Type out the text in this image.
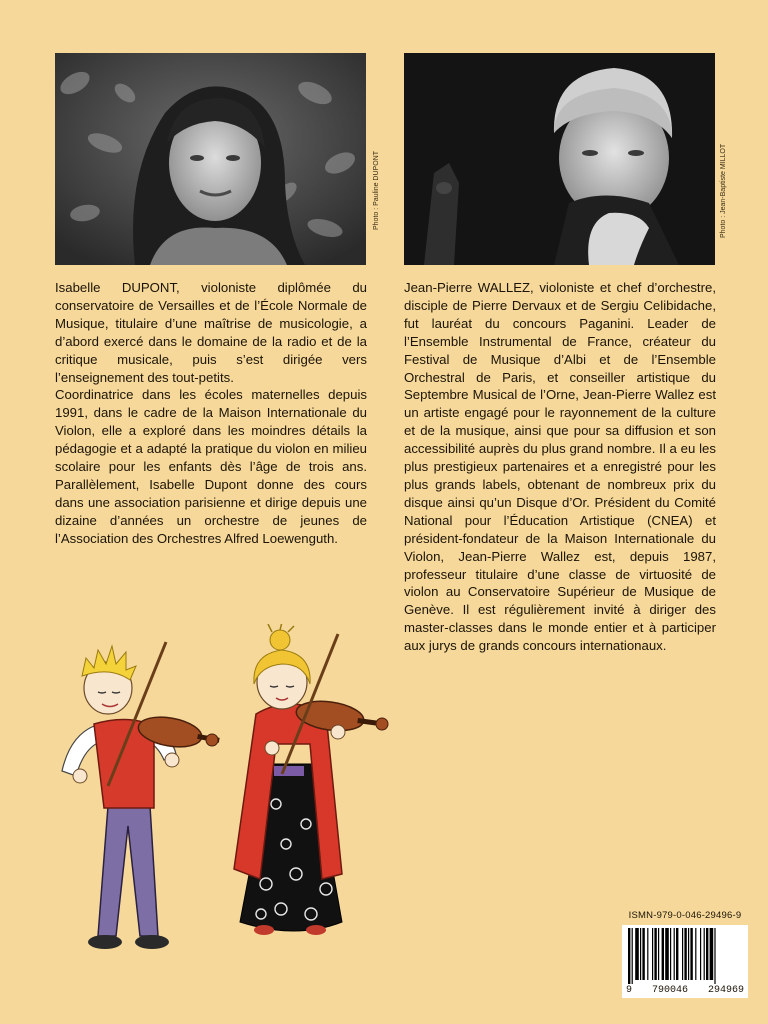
Photo : Pauline DUPONT	Photo : Jean-Baptiste MILLOT

Isabelle DUPONT, violoniste diplômée du conservatoire de Versailles et de l’École Normale de Musique, titulaire d’une maîtrise de musicologie, a d’abord exercé dans le domaine de la radio et de la critique musicale, puis s’est dirigée vers l’enseignement des tout-petits.

Coordinatrice dans les écoles maternelles depuis 1991, dans le cadre de la Maison Internationale du Violon, elle a exploré dans les moindres détails la pédagogie et a adapté la pratique du violon en milieu scolaire pour les enfants dès l’âge de trois ans. Parallèlement, Isabelle Dupont donne des cours dans une association parisienne et dirige depuis une dizaine d’années un orchestre de jeunes de l’Association des Orchestres Alfred Loewenguth.

Jean-Pierre WALLEZ, violoniste et chef d’orchestre, disciple de Pierre Dervaux et de Sergiu Celibidache, fut lauréat du concours Paganini. Leader de l’Ensemble Instrumental de France, créateur du Festival de Musique d’Albi et de l’Ensemble Orchestral de Paris, et conseiller artistique du Septembre Musical de l’Orne, Jean-Pierre Wallez est un artiste engagé pour le rayonnement de la culture et de la musique, ainsi que pour sa diffusion et son accessibilité auprès du plus grand nombre. Il a eu les plus prestigieux partenaires et a enregistré pour les plus grands labels, obtenant de nombreux prix du disque ainsi qu’un Disque d’Or. Président du Comité National pour l’Éducation Artistique (CNEA) et président-fondateur de la Maison Internationale du Violon, Jean-Pierre Wallez est, depuis 1987, professeur titulaire d’une classe de virtuosité de violon au Conservatoire Supérieur de Musique de Genève. Il est régulièrement invité à diriger des master-classes dans le monde entier et à participer aux jurys de grands concours internationaux.

ISMN-979-0-046-29496-9
9 790046 294969
